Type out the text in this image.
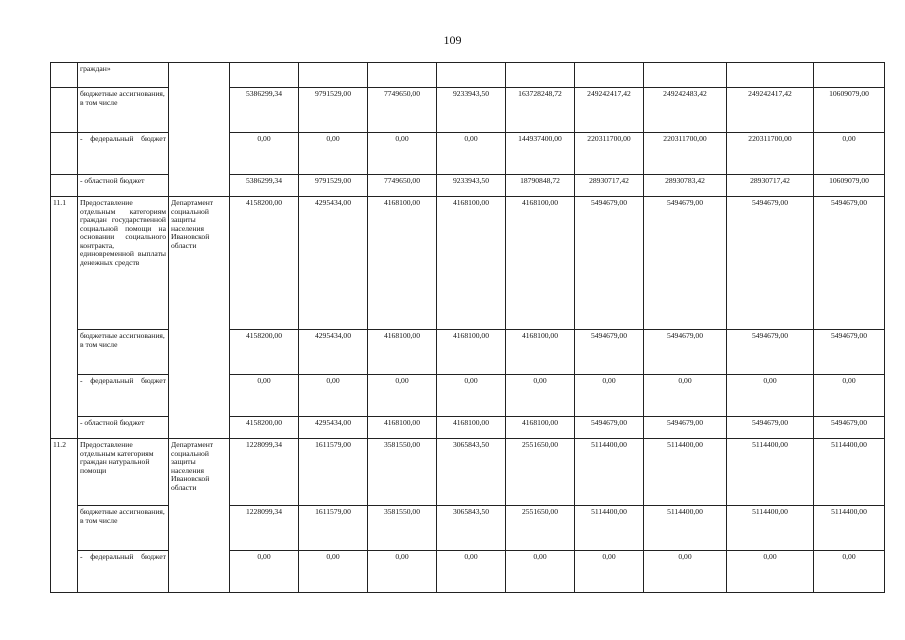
109
	граждан»										
	бюджетные ассигнования, в том числе		5386299,34	9791529,00	7749650,00	9233943,50	163728248,72	249242417,42	249242483,42	249242417,42	10609079,00
	- федеральный бюджет		0,00	0,00	0,00	0,00	144937400,00	220311700,00	220311700,00	220311700,00	0,00
	- областной бюджет		5386299,34	9791529,00	7749650,00	9233943,50	18790848,72	28930717,42	28930783,42	28930717,42	10609079,00
11.1	Предоставление отдельным категориям граждан государственной социальной помощи на основании социального контракта, единовременной выплаты денежных средств	Департамент социальной защиты населения Ивановской области	4158200,00	4295434,00	4168100,00	4168100,00	4168100,00	5494679,00	5494679,00	5494679,00	5494679,00
	бюджетные ассигнования, в том числе		4158200,00	4295434,00	4168100,00	4168100,00	4168100,00	5494679,00	5494679,00	5494679,00	5494679,00
	- федеральный бюджет		0,00	0,00	0,00	0,00	0,00	0,00	0,00	0,00	0,00
	- областной бюджет		4158200,00	4295434,00	4168100,00	4168100,00	4168100,00	5494679,00	5494679,00	5494679,00	5494679,00
11.2	Предоставление отдельным категориям граждан натуральной помощи	Департамент социальной защиты населения Ивановской области	1228099,34	1611579,00	3581550,00	3065843,50	2551650,00	5114400,00	5114400,00	5114400,00	5114400,00
	бюджетные ассигнования, в том числе		1228099,34	1611579,00	3581550,00	3065843,50	2551650,00	5114400,00	5114400,00	5114400,00	5114400,00
	- федеральный бюджет		0,00	0,00	0,00	0,00	0,00	0,00	0,00	0,00	0,00
